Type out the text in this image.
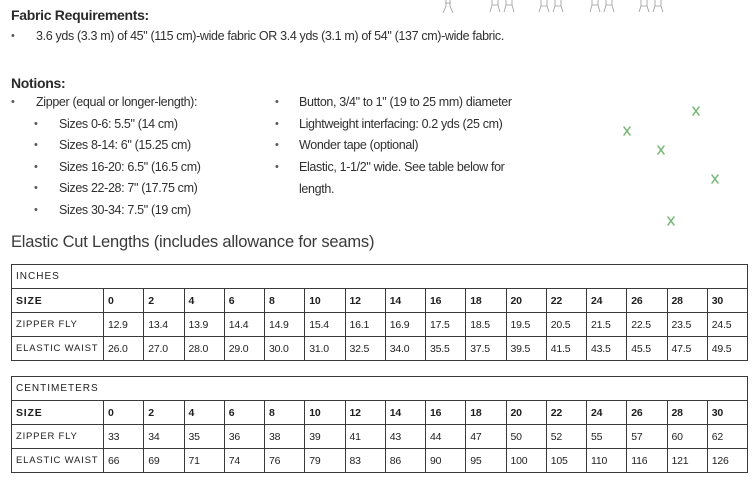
Fabric Requirements:
• 3.6 yds (3.3 m) of 45" (115 cm)-wide fabric OR 3.4 yds (3.1 m) of 54" (137 cm)-wide fabric.
Notions:
• Zipper (equal or longer-length):
• Sizes 0-6: 5.5" (14 cm)
• Sizes 8-14: 6" (15.25 cm)
• Sizes 16-20: 6.5" (16.5 cm)
• Sizes 22-28: 7" (17.75 cm)
• Sizes 30-34: 7.5" (19 cm)
• Button, 3/4" to 1" (19 to 25 mm) diameter
• Lightweight interfacing: 0.2 yds (25 cm)
• Wonder tape (optional)
• Elastic, 1-1/2" wide. See table below for
length.
Elastic Cut Lengths (includes allowance for seams)
INCHES																
SIZE	0	2	4	6	8	10	12	14	16	18	20	22	24	26	28	30
ZIPPER FLY	12.9	13.4	13.9	14.4	14.9	15.4	16.1	16.9	17.5	18.5	19.5	20.5	21.5	22.5	23.5	24.5
ELASTIC WAIST	26.0	27.0	28.0	29.0	30.0	31.0	32.5	34.0	35.5	37.5	39.5	41.5	43.5	45.5	47.5	49.5
CENTIMETERS																
SIZE	0	2	4	6	8	10	12	14	16	18	20	22	24	26	28	30
ZIPPER FLY	33	34	35	36	38	39	41	43	44	47	50	52	55	57	60	62
ELASTIC WAIST	66	69	71	74	76	79	83	86	90	95	100	105	110	116	121	126
